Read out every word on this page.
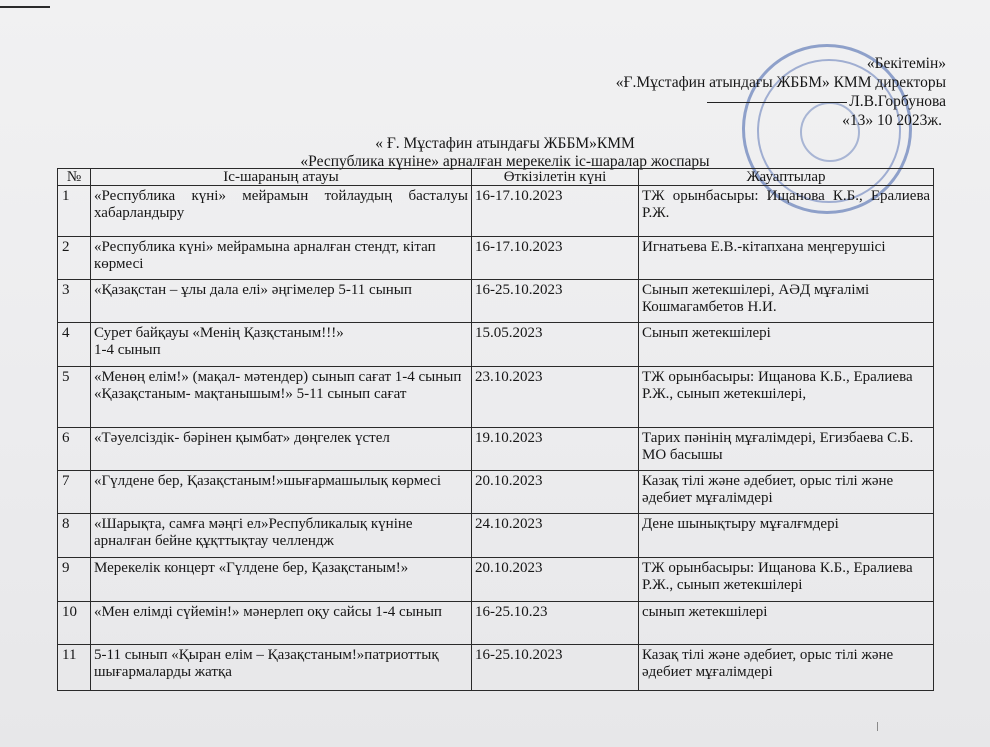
«Бекітемін»
«Ғ.Мұстафин атындағы ЖББМ» КММ директоры
Л.В.Горбунова
«13» 10 2023ж.
« Ғ. Мұстафин атындағы ЖББМ»КММ
«Республика күніне» арналған мерекелік іс-шаралар жоспары
№	Іс-шараның атауы	Өткізілетін күні	Жауаптылар
1	«Республика күні» мейрамын тойлаудың басталуы хабарландыру	16-17.10.2023	ТЖ орынбасыры: Ищанова К.Б., Ералиева Р.Ж.
2	«Республика күні» мейрамына арналған стендт, кітап көрмесі	16-17.10.2023	Игнатьева Е.В.-кітапхана меңгерушісі
3	«Қазақстан – ұлы дала елі» әңгімелер 5-11 сынып	16-25.10.2023	Сынып жетекшілері, АӘД мұғалімі Кошмагамбетов Н.И.
4	Сурет байқауы «Менің Қазқстаным!!!»
1-4 сынып	15.05.2023	Сынып жетекшілері
5	«Менөң елім!» (мақал- мәтендер) сынып сағат 1-4 сынып
«Қазақстаным- мақтанышым!» 5-11 сынып сағат	23.10.2023	ТЖ орынбасыры: Ищанова К.Б., Ералиева Р.Ж., сынып жетекшілері,
6	«Тәуелсіздік- бәрінен қымбат» дөңгелек үстел	19.10.2023	Тарих пәнінің мұғалімдері, Егизбаева С.Б. МО басышы
7	«Гүлдене бер, Қазақстаным!»шығармашылық көрмесі	20.10.2023	Казақ тілі және әдебиет, орыс тілі және әдебиет мұғалімдері
8	«Шарықта, самға мәңгі ел»Республикалық күніне арналған бейне құқттықтау челлендж	24.10.2023	Дене шынықтыру мұғалғмдері
9	Мерекелік концерт «Гүлдене бер, Қазақстаным!»	20.10.2023	ТЖ орынбасыры: Ищанова К.Б., Ералиева Р.Ж., сынып жетекшілері
10	«Мен елімді сүйемін!» мәнерлеп оқу сайсы 1-4 сынып	16-25.10.23	сынып жетекшілері
11	5-11 сынып «Қыран елім – Қазақстаным!»патриоттық шығармаларды жатқа	16-25.10.2023	Казақ тілі және әдебиет, орыс тілі және әдебиет мұғалімдері
